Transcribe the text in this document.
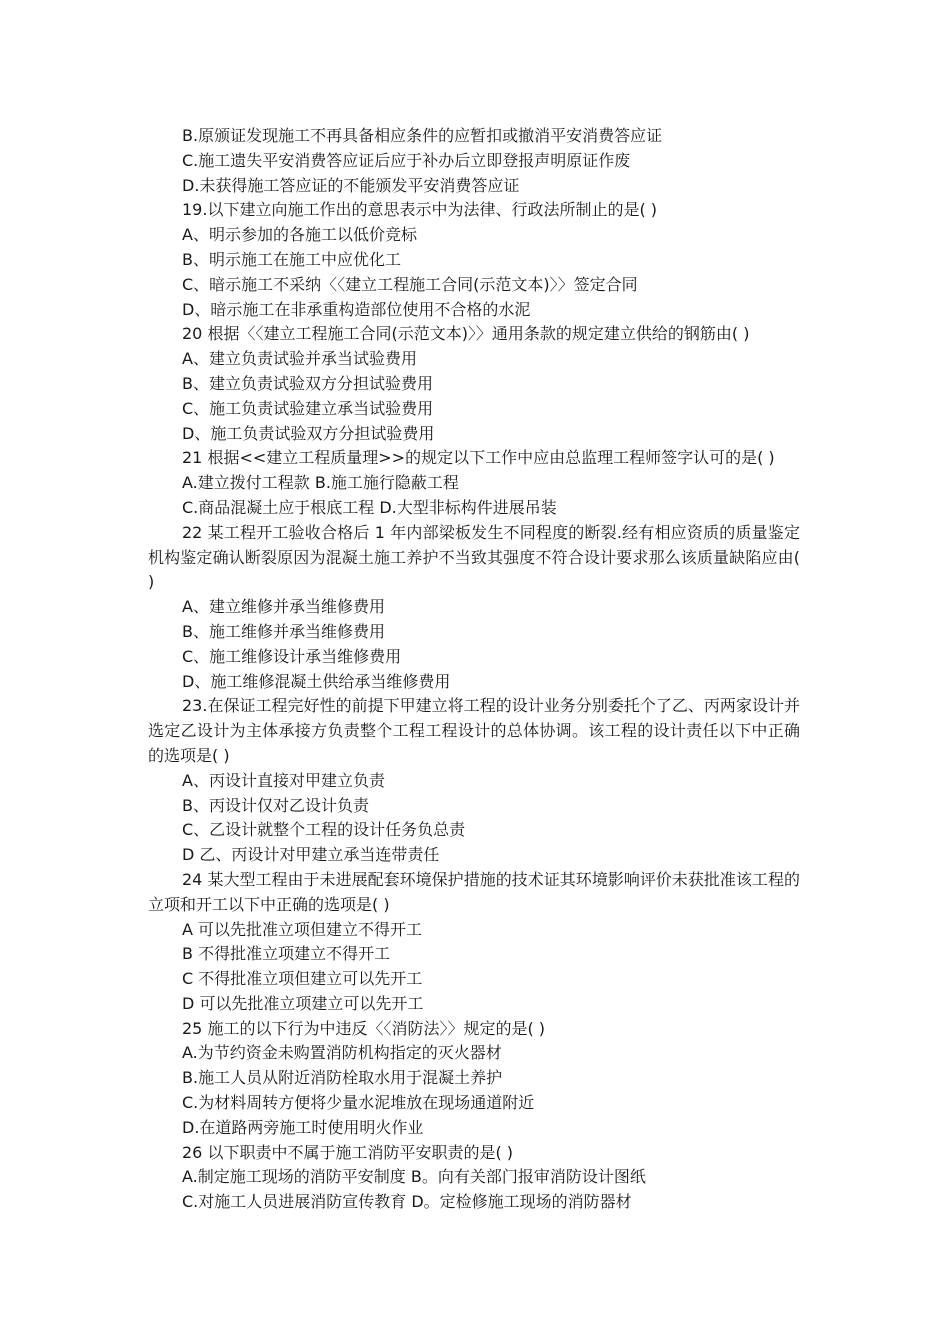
B.原颁证发现施工不再具备相应条件的应暂扣或撤消平安消费答应证
C.施工遗失平安消费答应证后应于补办后立即登报声明原证作废
D.未获得施工答应证的不能颁发平安消费答应证
19.以下建立向施工作出的意思表示中为法律、行政法所制止的是( )
A、明示参加的各施工以低价竞标
B、明示施工在施工中应优化工
C、暗示施工不采纳〈〈建立工程施工合同(示范文本)〉〉签定合同
D、暗示施工在非承重构造部位使用不合格的水泥
20 根据〈〈建立工程施工合同(示范文本)〉〉通用条款的规定建立供给的钢筋由( )
A、建立负责试验并承当试验费用
B、建立负责试验双方分担试验费用
C、施工负责试验建立承当试验费用
D、施工负责试验双方分担试验费用
21 根据<<建立工程质量理>>的规定以下工作中应由总监理工程师签字认可的是( )
A.建立拨付工程款 B.施工施行隐蔽工程
C.商品混凝土应于根底工程 D.大型非标构件进展吊装

22 某工程开工验收合格后 1 年内部梁板发生不同程度的断裂.经有相应资质的质量鉴定机构鉴定确认断裂原因为混凝土施工养护不当致其强度不符合设计要求那么该质量缺陷应由( )

A、建立维修并承当维修费用
B、施工维修并承当维修费用
C、施工维修设计承当维修费用
D、施工维修混凝土供给承当维修费用

23.在保证工程完好性的前提下甲建立将工程的设计业务分别委托个了乙、丙两家设计并选定乙设计为主体承接方负责整个工程工程设计的总体协调。该工程的设计责任以下中正确的选项是( )

A、丙设计直接对甲建立负责
B、丙设计仅对乙设计负责
C、乙设计就整个工程的设计任务负总责
D 乙、丙设计对甲建立承当连带责任

24 某大型工程由于未进展配套环境保护措施的技术证其环境影响评价未获批准该工程的立项和开工以下中正确的选项是( )

A 可以先批准立项但建立不得开工
B 不得批准立项建立不得开工
C 不得批准立项但建立可以先开工
D 可以先批准立项建立可以先开工
25 施工的以下行为中违反〈〈消防法〉〉规定的是( )
A.为节约资金未购置消防机构指定的灭火器材
B.施工人员从附近消防栓取水用于混凝土养护
C.为材料周转方便将少量水泥堆放在现场通道附近
D.在道路两旁施工时使用明火作业
26 以下职责中不属于施工消防平安职责的是( )
A.制定施工现场的消防平安制度 B。向有关部门报审消防设计图纸
C.对施工人员进展消防宣传教育 D。定检修施工现场的消防器材
